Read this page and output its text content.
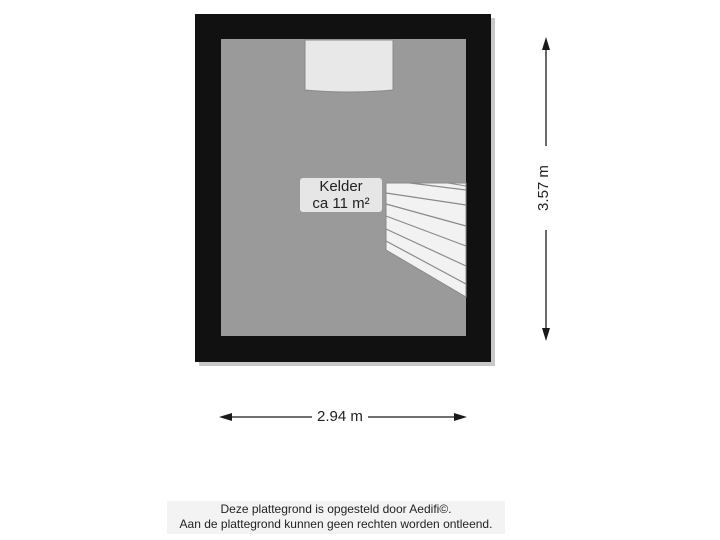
Kelder
ca 11 m²
2.94 m
3.57 m
Deze plattegrond is opgesteld door Aedifi©.
Aan de plattegrond kunnen geen rechten worden ontleend.
